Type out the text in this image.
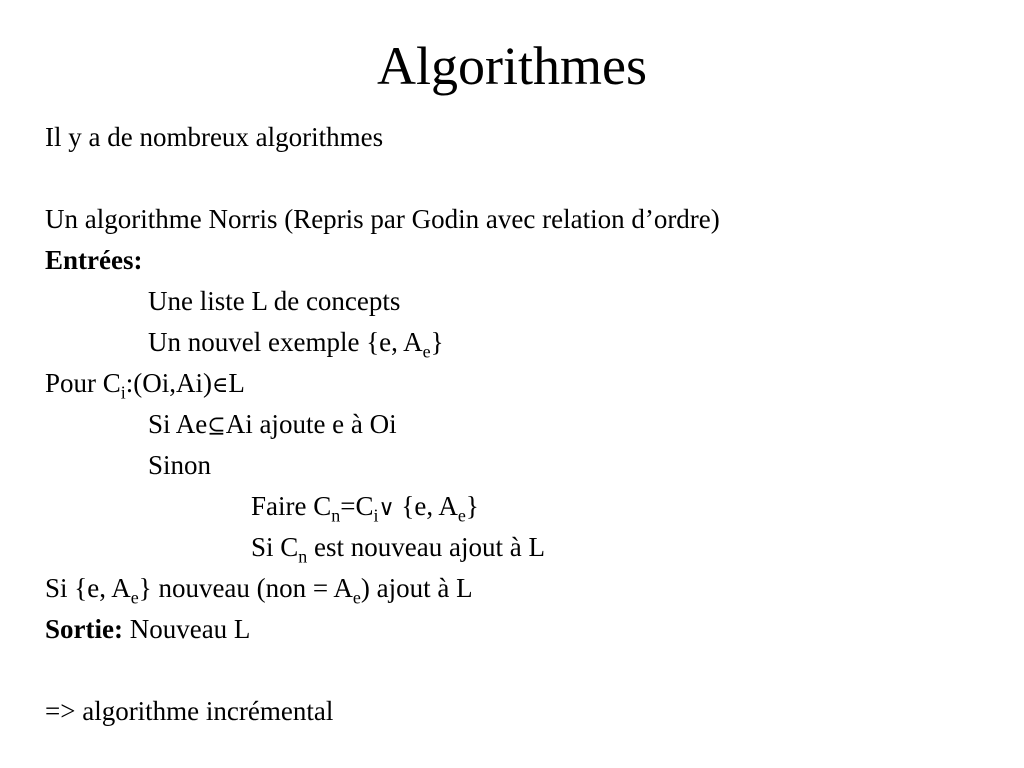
Algorithmes
Il y a de nombreux algorithmes
Un algorithme Norris (Repris par Godin avec relation d’ordre)
Entrées:
Une liste L de concepts
Un nouvel exemple {e, $A_e$}
Pour $C_i:(Oi,Ai)\in L$
Si Ae⊆Ai ajoute e à Oi
Sinon
Faire $C_n=C_i\vee$ {e, $A_e$}
Si $C_n$ est nouveau ajout à L
Si {e, $A_e$} nouveau $(non = A_e)$ ajout à L
Sortie: Nouveau L
=> algorithme incrémental
